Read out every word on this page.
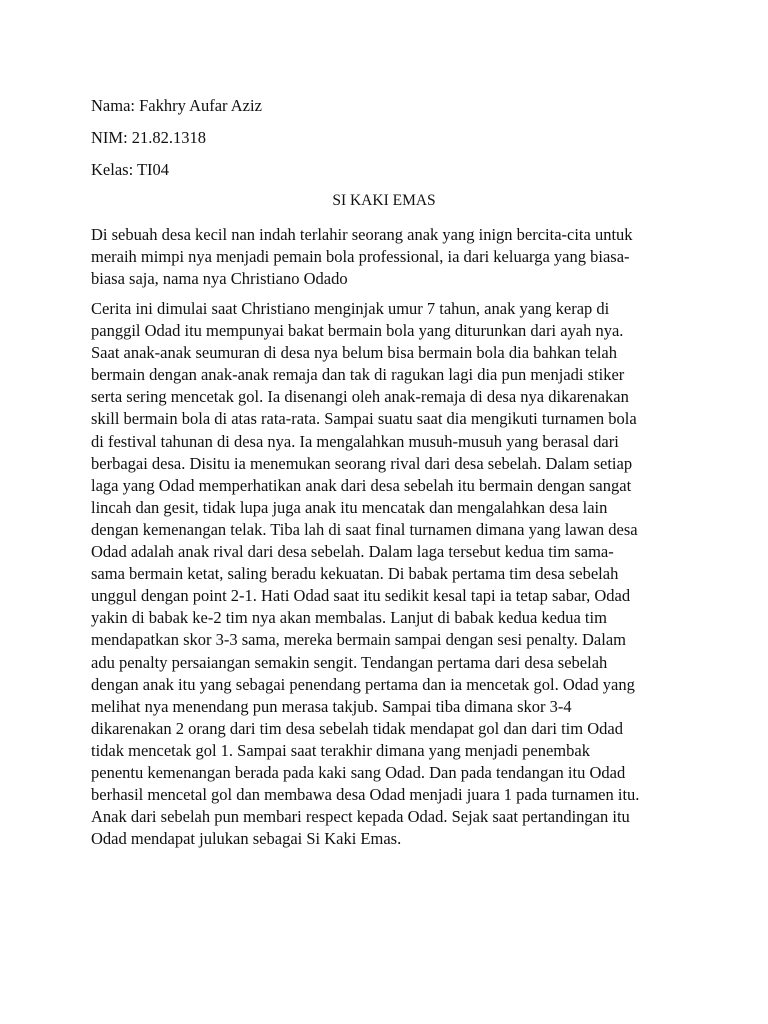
Nama: Fakhry Aufar Aziz
NIM: 21.82.1318
Kelas: TI04
SI KAKI EMAS
Di sebuah desa kecil nan indah terlahir seorang anak yang inign bercita-cita untuk
meraih mimpi nya menjadi pemain bola professional, ia dari keluarga yang biasa-
biasa saja, nama nya Christiano Odado
Cerita ini dimulai saat Christiano menginjak umur 7 tahun, anak yang kerap di
panggil Odad itu mempunyai bakat bermain bola yang diturunkan dari ayah nya.
Saat anak-anak seumuran di desa nya belum bisa bermain bola dia bahkan telah
bermain dengan anak-anak remaja dan tak di ragukan lagi dia pun menjadi stiker
serta sering mencetak gol. Ia disenangi oleh anak-remaja di desa nya dikarenakan
skill bermain bola di atas rata-rata. Sampai suatu saat dia mengikuti turnamen bola
di festival tahunan di desa nya. Ia mengalahkan musuh-musuh yang berasal dari
berbagai desa. Disitu ia menemukan seorang rival dari desa sebelah. Dalam setiap
laga yang Odad memperhatikan anak dari desa sebelah itu bermain dengan sangat
lincah dan gesit, tidak lupa juga anak itu mencatak dan mengalahkan desa lain
dengan kemenangan telak. Tiba lah di saat final turnamen dimana yang lawan desa
Odad adalah anak rival dari desa sebelah. Dalam laga tersebut kedua tim sama-
sama bermain ketat, saling beradu kekuatan. Di babak pertama tim desa sebelah
unggul dengan point 2-1. Hati Odad saat itu sedikit kesal tapi ia tetap sabar, Odad
yakin di babak ke-2 tim nya akan membalas. Lanjut di babak kedua kedua tim
mendapatkan skor 3-3 sama, mereka bermain sampai dengan sesi penalty. Dalam
adu penalty persaiangan semakin sengit. Tendangan pertama dari desa sebelah
dengan anak itu yang sebagai penendang pertama dan ia mencetak gol. Odad yang
melihat nya menendang pun merasa takjub. Sampai tiba dimana skor 3-4
dikarenakan 2 orang dari tim desa sebelah tidak mendapat gol dan dari tim Odad
tidak mencetak gol 1. Sampai saat terakhir dimana yang menjadi penembak
penentu kemenangan berada pada kaki sang Odad. Dan pada tendangan itu Odad
berhasil mencetal gol dan membawa desa Odad menjadi juara 1 pada turnamen itu.
Anak dari sebelah pun membari respect kepada Odad. Sejak saat pertandingan itu
Odad mendapat julukan sebagai Si Kaki Emas.
